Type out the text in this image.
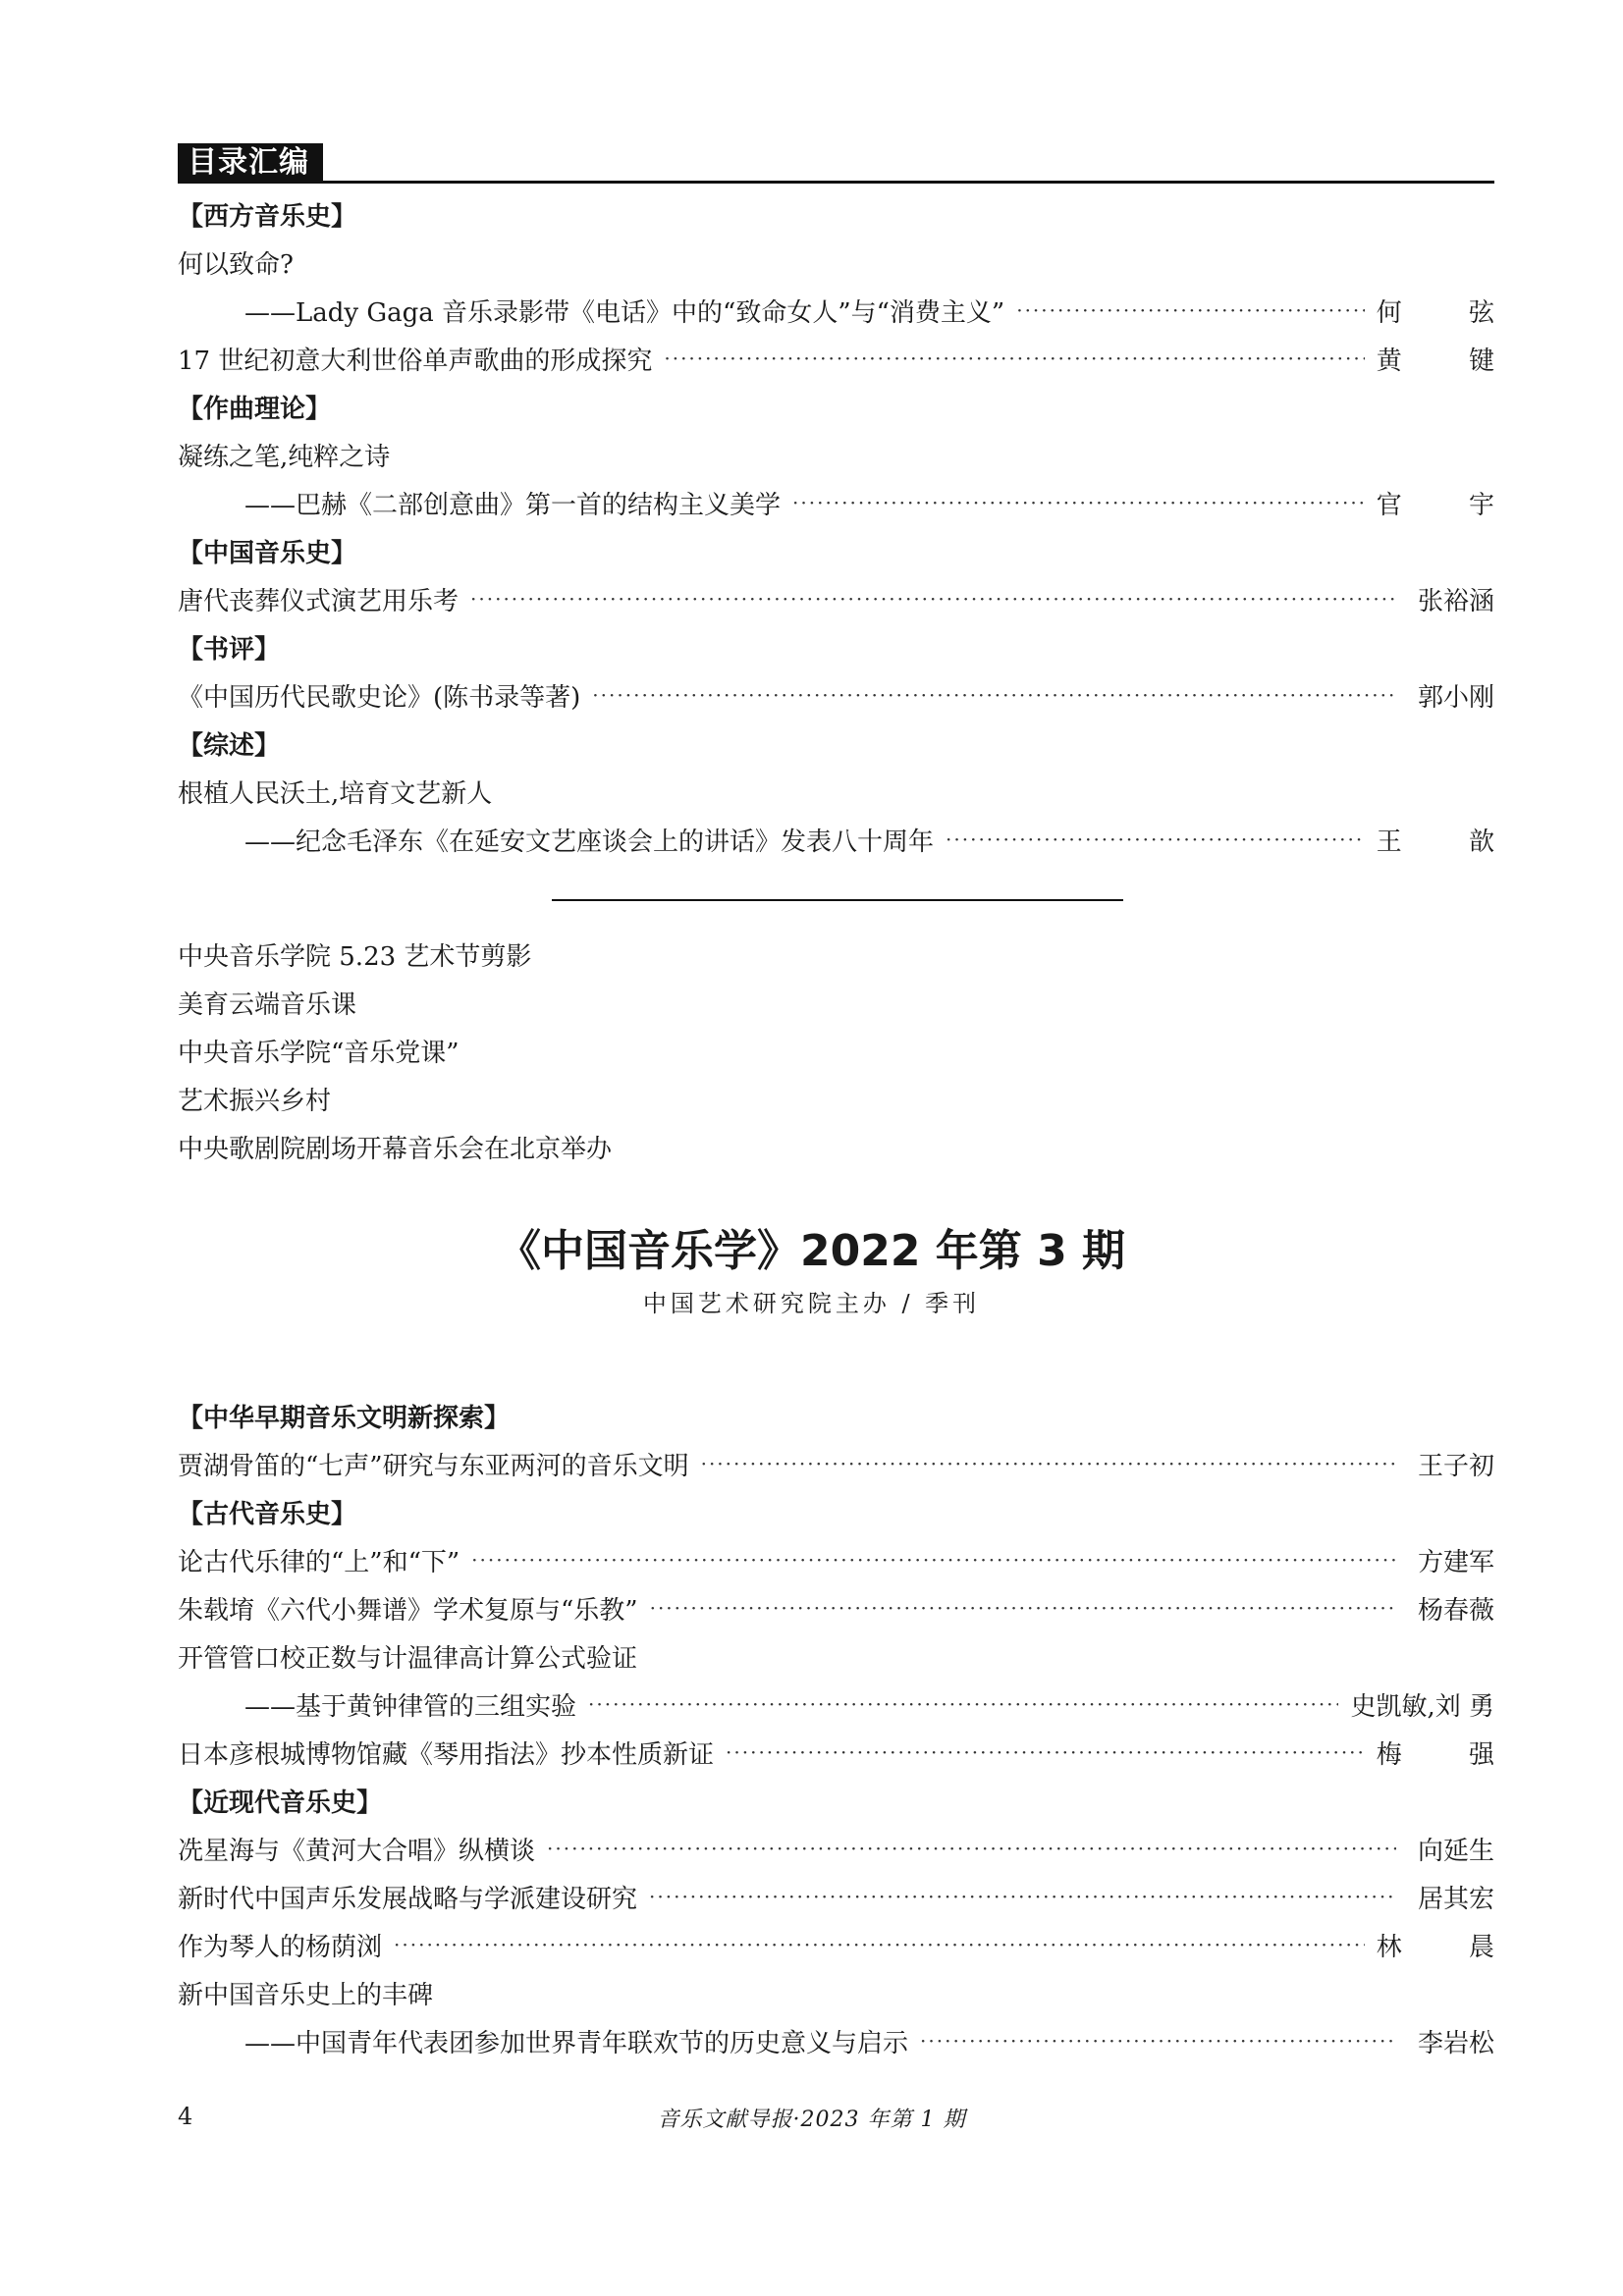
目录汇编
【西方音乐史】
何以致命?
——Lady Gaga 音乐录影带《电话》中的“致命女人”与“消费主义” ·····	何 弦
17 世纪初意大利世俗单声歌曲的形成探究 ·····	黄 键
【作曲理论】
凝练之笔,纯粹之诗
——巴赫《二部创意曲》第一首的结构主义美学 ·····	官 宇
【中国音乐史】
唐代丧葬仪式演艺用乐考 ·····	张裕涵
【书评】
《中国历代民歌史论》(陈书录等著) ·····	郭小刚
【综述】
根植人民沃土,培育文艺新人
——纪念毛泽东《在延安文艺座谈会上的讲话》发表八十周年 ·····	王 歆
中央音乐学院 5.23 艺术节剪影
美育云端音乐课
中央音乐学院“音乐党课”
艺术振兴乡村
中央歌剧院剧场开幕音乐会在北京举办
《中国音乐学》2022 年第 3 期
中国艺术研究院主办 / 季刊
【中华早期音乐文明新探索】
贾湖骨笛的“七声”研究与东亚两河的音乐文明 ·····	王子初
【古代音乐史】
论古代乐律的“上”和“下” ·····	方建军
朱载堉《六代小舞谱》学术复原与“乐教” ·····	杨春薇
开管管口校正数与计温律高计算公式验证
——基于黄钟律管的三组实验 ·····	史凯敏,刘 勇
日本彦根城博物馆藏《琴用指法》抄本性质新证 ·····	梅 强
【近现代音乐史】
冼星海与《黄河大合唱》纵横谈 ·····	向延生
新时代中国声乐发展战略与学派建设研究 ·····	居其宏
作为琴人的杨荫浏 ·····	林 晨
新中国音乐史上的丰碑
——中国青年代表团参加世界青年联欢节的历史意义与启示 ·····	李岩松
4	音乐文献导报·2023 年第 1 期
